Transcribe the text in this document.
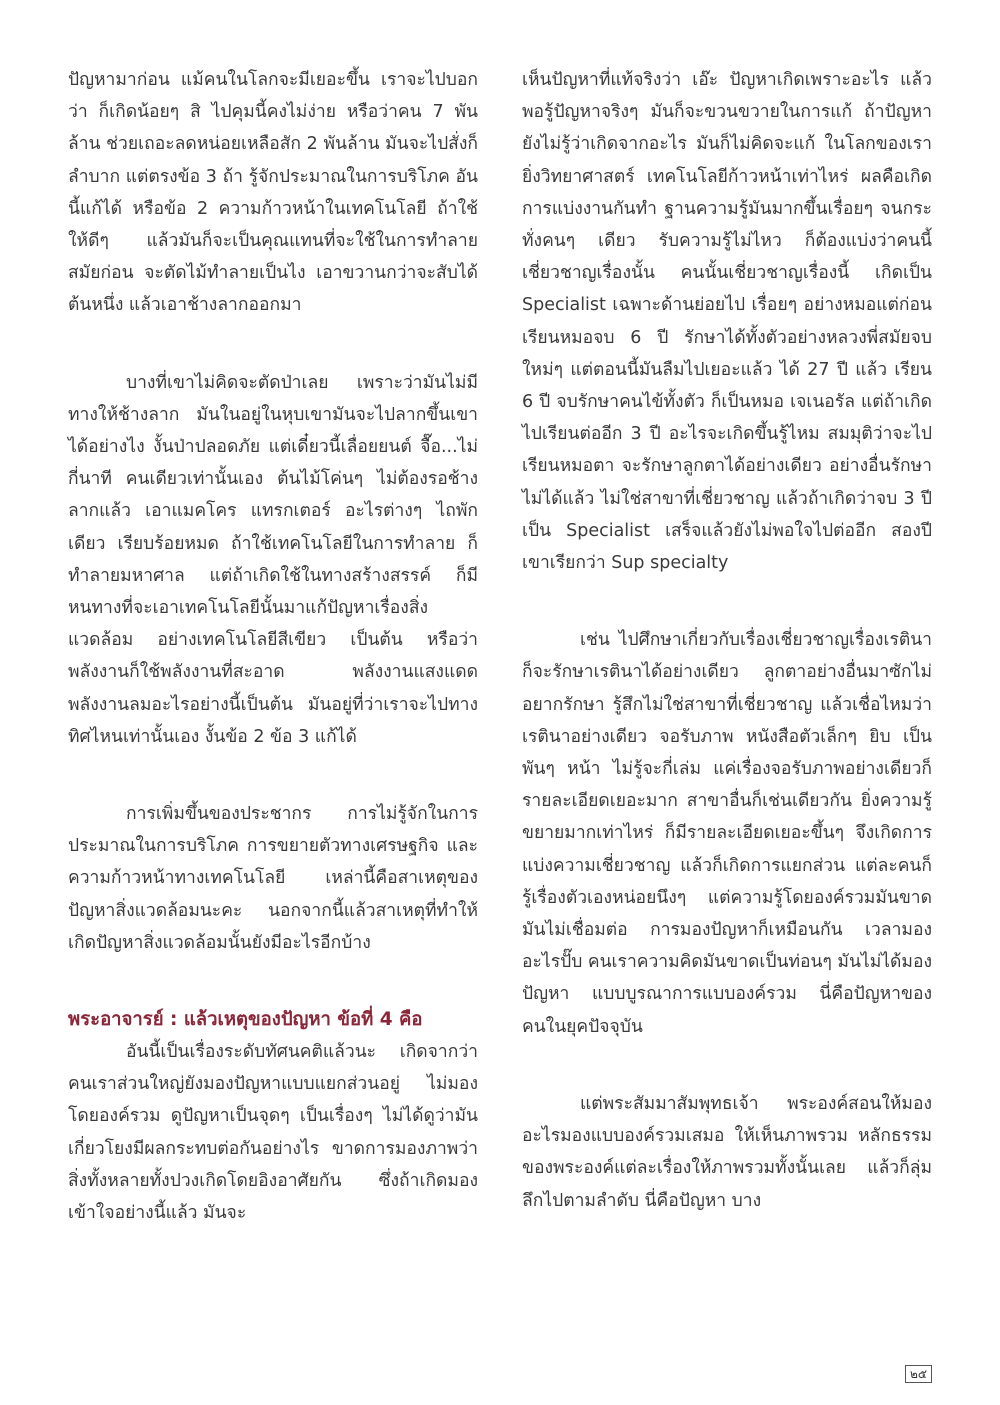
ปัญหามาก่อน แม้คนในโลกจะมีเยอะขึ้น เราจะไปบอกว่า ก็เกิดน้อยๆ สิ ไปคุมนี้คงไม่ง่าย หรือว่าคน 7 พันล้าน ช่วยเถอะลดหน่อยเหลือสัก 2 พันล้าน มันจะไปสั่งก็ลำบาก แต่ตรงข้อ 3 ถ้า รู้จักประมาณในการบริโภค อันนี้แก้ได้ หรือข้อ 2 ความก้าวหน้าในเทคโนโลยี ถ้าใช้ให้ดีๆ แล้วมันก็จะเป็นคุณแทนที่จะใช้ในการทำลาย สมัยก่อน จะตัดไม้ทำลายเป็นไง เอาขวานกว่าจะสับได้ต้นหนึ่ง แล้วเอาช้างลากออกมา

บางที่เขาไม่คิดจะตัดป่าเลย เพราะว่ามันไม่มีทางให้ช้างลาก มันในอยู่ในหุบเขามันจะไปลากขึ้นเขาได้อย่างไง งั้นป่าปลอดภัย แต่เดี๋ยวนี้เลื่อยยนต์ จื๊อ...ไม่กี่นาที คนเดียวเท่านั้นเอง ต้นไม้โค่นๆ ไม่ต้องรอช้างลากแล้ว เอาแมคโคร แทรกเตอร์ อะไรต่างๆ ไถพักเดียว เรียบร้อยหมด ถ้าใช้เทคโนโลยีในการทำลาย ก็ทำลายมหาศาล แต่ถ้าเกิดใช้ในทางสร้างสรรค์ ก็มีหนทางที่จะเอาเทคโนโลยีนั้นมาแก้ปัญหาเรื่องสิ่งแวดล้อม อย่างเทคโนโลยีสีเขียว เป็นต้น หรือว่าพลังงานก็ใช้พลังงานที่สะอาด พลังงานแสงแดด พลังงานลมอะไรอย่างนี้เป็นต้น มันอยู่ที่ว่าเราจะไปทางทิศไหนเท่านั้นเอง งั้นข้อ 2 ข้อ 3 แก้ได้

การเพิ่มขึ้นของประชากร การไม่รู้จักในการประมาณในการบริโภค การขยายตัวทางเศรษฐกิจ และความก้าวหน้าทางเทคโนโลยี เหล่านี้คือสาเหตุของปัญหาสิ่งแวดล้อมนะคะ นอกจากนี้แล้วสาเหตุที่ทำให้เกิดปัญหาสิ่งแวดล้อมนั้นยังมีอะไรอีกบ้าง

พระอาจารย์ : แล้วเหตุของปัญหา ข้อที่ 4 คือ

อันนี้เป็นเรื่องระดับทัศนคติแล้วนะ เกิดจากว่าคนเราส่วนใหญ่ยังมองปัญหาแบบแยกส่วนอยู่ ไม่มองโดยองค์รวม ดูปัญหาเป็นจุดๆ เป็นเรื่องๆ ไม่ได้ดูว่ามันเกี่ยวโยงมีผลกระทบต่อกันอย่างไร ขาดการมองภาพว่า สิ่งทั้งหลายทั้งปวงเกิดโดยอิงอาศัยกัน ซึ่งถ้าเกิดมองเข้าใจอย่างนี้แล้ว มันจะ

เห็นปัญหาที่แท้จริงว่า เอ๊ะ ปัญหาเกิดเพราะอะไร แล้วพอรู้ปัญหาจริงๆ มันก็จะขวนขวายในการแก้ ถ้าปัญหายังไม่รู้ว่าเกิดจากอะไร มันก็ไม่คิดจะแก้ ในโลกของเรายิ่งวิทยาศาสตร์ เทคโนโลยีก้าวหน้าเท่าไหร่ ผลคือเกิดการแบ่งงานกันทำ ฐานความรู้มันมากขึ้นเรื่อยๆ จนกระทั่งคนๆ เดียว รับความรู้ไม่ไหว ก็ต้องแบ่งว่าคนนี้เชี่ยวชาญเรื่องนั้น คนนั้นเชี่ยวชาญเรื่องนี้ เกิดเป็น Specialist เฉพาะด้านย่อยไป เรื่อยๆ อย่างหมอแต่ก่อนเรียนหมอจบ 6 ปี รักษาได้ทั้งตัวอย่างหลวงพี่สมัยจบใหม่ๆ แต่ตอนนี้มันลืมไปเยอะแล้ว ได้ 27 ปี แล้ว เรียน 6 ปี จบรักษาคนไข้ทั้งตัว ก็เป็นหมอ เจเนอรัล แต่ถ้าเกิดไปเรียนต่ออีก 3 ปี อะไรจะเกิดขึ้นรู้ไหม สมมุติว่าจะไปเรียนหมอตา จะรักษาลูกตาได้อย่างเดียว อย่างอื่นรักษาไม่ได้แล้ว ไม่ใช่สาขาที่เชี่ยวชาญ แล้วถ้าเกิดว่าจบ 3 ปี เป็น Specialist เสร็จแล้วยังไม่พอใจไปต่ออีก สองปี เขาเรียกว่า Sup specialty

เช่น ไปศึกษาเกี่ยวกับเรื่องเชี่ยวชาญเรื่องเรตินา ก็จะรักษาเรตินาได้อย่างเดียว ลูกตาอย่างอื่นมาซักไม่อยากรักษา รู้สึกไม่ใช่สาขาที่เชี่ยวชาญ แล้วเชื่อไหมว่าเรตินาอย่างเดียว จอรับภาพ หนังสือตัวเล็กๆ ยิบ เป็นพันๆ หน้า ไม่รู้จะกี่เล่ม แค่เรื่องจอรับภาพอย่างเดียวก็รายละเอียดเยอะมาก สาขาอื่นก็เช่นเดียวกัน ยิ่งความรู้ขยายมากเท่าไหร่ ก็มีรายละเอียดเยอะขึ้นๆ จึงเกิดการแบ่งความเชี่ยวชาญ แล้วก็เกิดการแยกส่วน แต่ละคนก็รู้เรื่องตัวเองหน่อยนึงๆ แต่ความรู้โดยองค์รวมมันขาด มันไม่เชื่อมต่อ การมองปัญหาก็เหมือนกัน เวลามองอะไรปั๊บ คนเราความคิดมันขาดเป็นท่อนๆ มันไม่ได้มองปัญหา แบบบูรณาการแบบองค์รวม นี่คือปัญหาของคนในยุคปัจจุบัน

แต่พระสัมมาสัมพุทธเจ้า พระองค์สอนให้มองอะไรมองแบบองค์รวมเสมอ ให้เห็นภาพรวม หลักธรรมของพระองค์แต่ละเรื่องให้ภาพรวมทั้งนั้นเลย แล้วก็ลุ่มลึกไปตามลำดับ นี่คือปัญหา บาง

๒๕
